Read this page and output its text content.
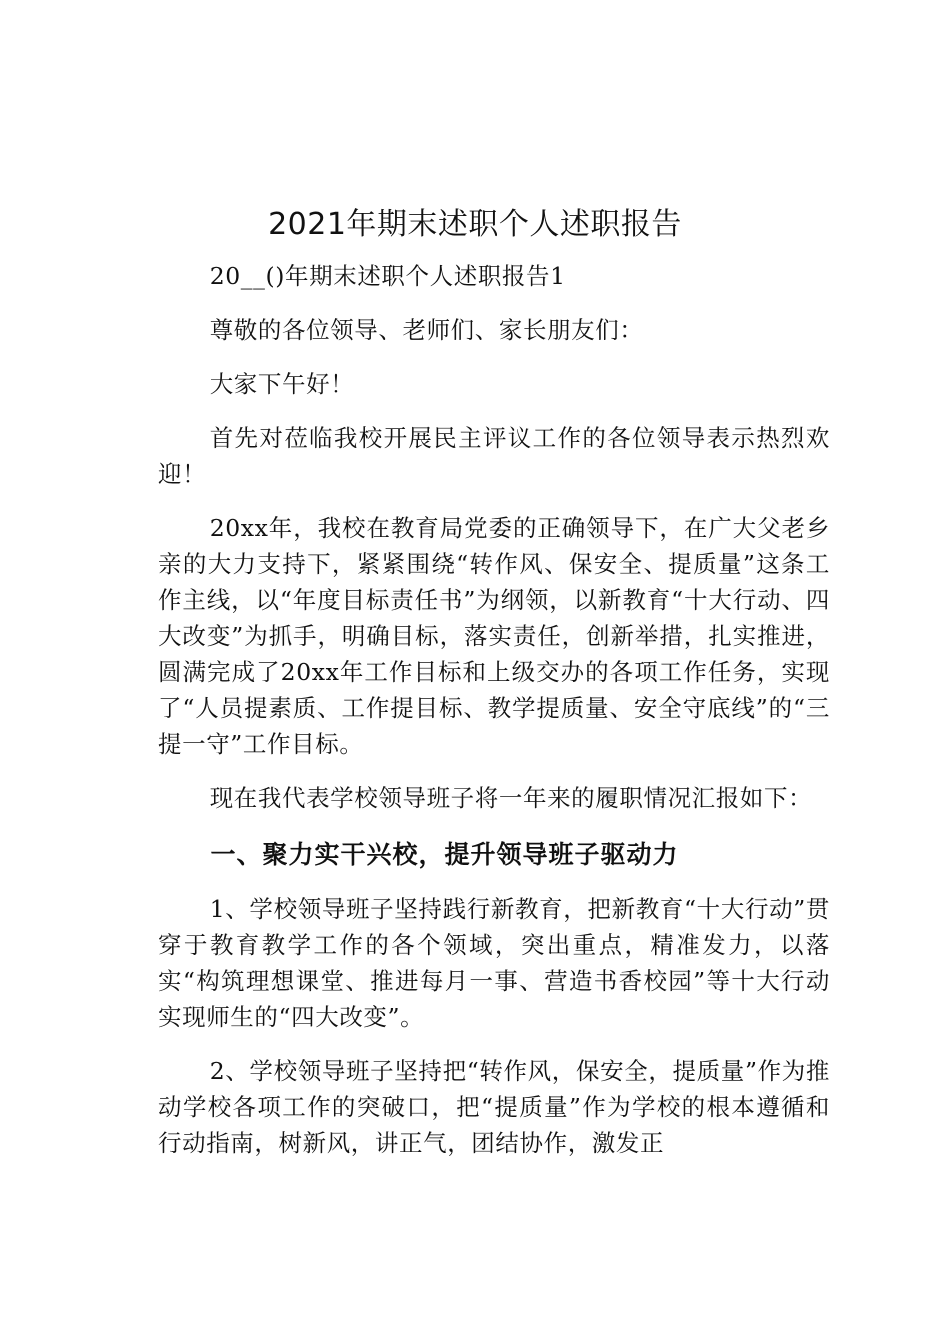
2021年期末述职个人述职报告

20__()年期末述职个人述职报告1

尊敬的各位领导、老师们、家长朋友们：

大家下午好！

首先对莅临我校开展民主评议工作的各位领导表示热烈欢迎！

20xx年，我校在教育局党委的正确领导下，在广大父老乡亲的大力支持下，紧紧围绕“转作风、保安全、提质量”这条工作主线，以“年度目标责任书”为纲领，以新教育“十大行动、四大改变”为抓手，明确目标，落实责任，创新举措，扎实推进，圆满完成了20xx年工作目标和上级交办的各项工作任务，实现了“人员提素质、工作提目标、教学提质量、安全守底线”的“三提一守”工作目标。

现在我代表学校领导班子将一年来的履职情况汇报如下：

一、聚力实干兴校，提升领导班子驱动力

1、学校领导班子坚持践行新教育，把新教育“十大行动”贯穿于教育教学工作的各个领域，突出重点，精准发力，以落实“构筑理想课堂、推进每月一事、营造书香校园”等十大行动实现师生的“四大改变”。

2、学校领导班子坚持把“转作风，保安全，提质量”作为推动学校各项工作的突破口，把“提质量”作为学校的根本遵循和行动指南，树新风，讲正气，团结协作，激发正
